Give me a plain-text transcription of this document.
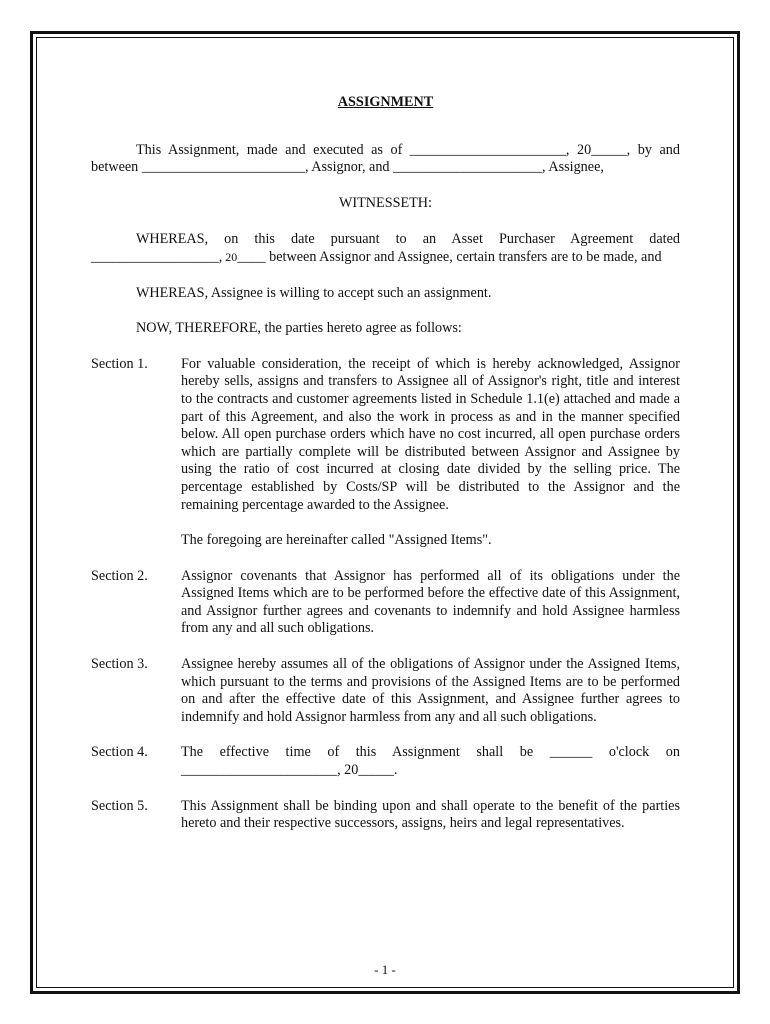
ASSIGNMENT

This Assignment, made and executed as of ______________________, 20_____, by and between _______________________, Assignor, and _____________________, Assignee,

WITNESSETH:

WHEREAS, on this date pursuant to an Asset Purchaser Agreement dated __________________, 20____ between Assignor and Assignee, certain transfers are to be made, and

WHEREAS, Assignee is willing to accept such an assignment.

NOW, THEREFORE, the parties hereto agree as follows:

Section 1.	For valuable consideration, the receipt of which is hereby acknowledged, Assignor hereby sells, assigns and transfers to Assignee all of Assignor's right, title and interest to the contracts and customer agreements listed in Schedule 1.1(e) attached and made a part of this Agreement, and also the work in process as and in the manner specified below. All open purchase orders which have no cost incurred, all open purchase orders which are partially complete will be distributed between Assignor and Assignee by using the ratio of cost incurred at closing date divided by the selling price. The percentage established by Costs/SP will be distributed to the Assignor and the remaining percentage awarded to the Assignee.

The foregoing are hereinafter called "Assigned Items".

Section 2.	Assignor covenants that Assignor has performed all of its obligations under the Assigned Items which are to be performed before the effective date of this Assignment, and Assignor further agrees and covenants to indemnify and hold Assignee harmless from any and all such obligations.

Section 3.	Assignee hereby assumes all of the obligations of Assignor under the Assigned Items, which pursuant to the terms and provisions of the Assigned Items are to be performed on and after the effective date of this Assignment, and Assignee further agrees to indemnify and hold Assignor harmless from any and all such obligations.

Section 4.	The effective time of this Assignment shall be ______ o'clock on ______________________, 20_____.

Section 5.	This Assignment shall be binding upon and shall operate to the benefit of the parties hereto and their respective successors, assigns, heirs and legal representatives.

- 1 -
